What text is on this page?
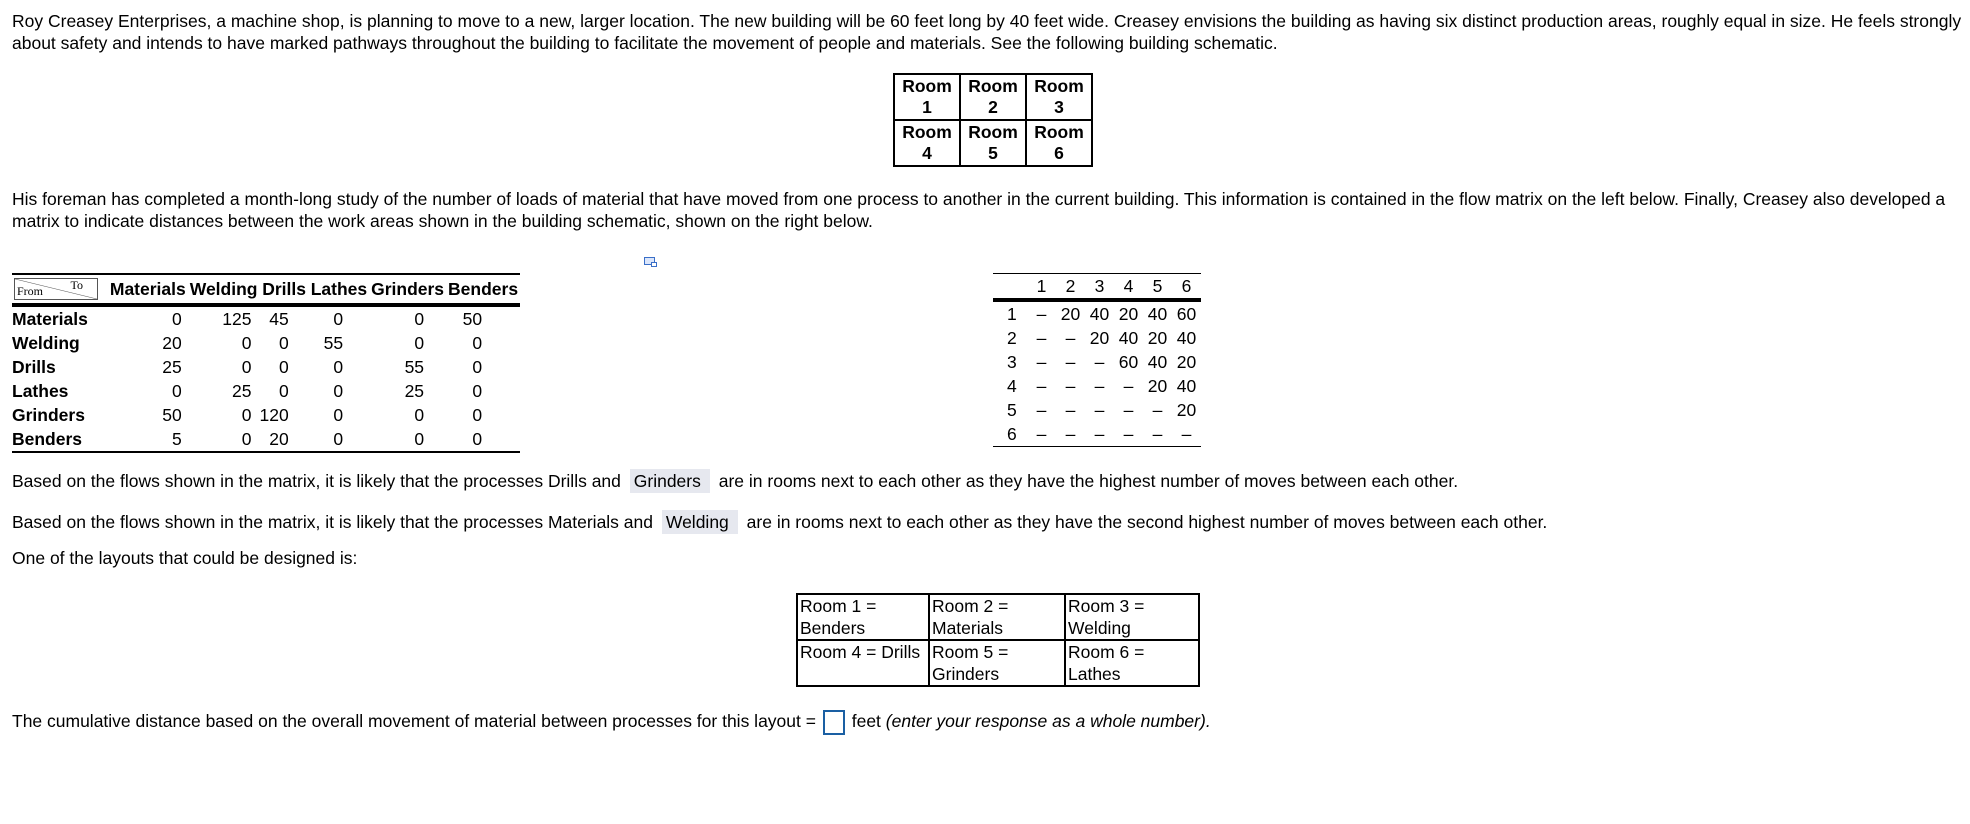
Roy Creasey Enterprises, a machine shop, is planning to move to a new, larger location. The new building will be 60 feet long by 40 feet wide. Creasey envisions the building as having six distinct production areas, roughly equal in size. He feels strongly about safety and intends to have marked pathways throughout the building to facilitate the movement of people and materials. See the following building schematic.

Room
1	Room
2	Room
3

Room
4	Room
5	Room
6

His foreman has completed a month-long study of the number of loads of material that have moved from one process to another in the current building. This information is contained in the flow matrix on the left below. Finally, Creasey also developed a matrix to indicate distances between the work areas shown in the building schematic, shown on the right below.

From To	Materials	Welding	Drills	Lathes	Grinders	Benders
Materials	0	125	45	0	0	50
Welding	20	0	0	55	0	0
Drills	25	0	0	0	55	0
Lathes	0	25	0	0	25	0
Grinders	50	0	120	0	0	0
Benders	5	0	20	0	0	0
	1	2	3	4	5	6
1	–	20	40	20	40	60
2	–	–	20	40	20	40
3	–	–	–	60	40	20
4	–	–	–	–	20	40
5	–	–	–	–	–	20
6	–	–	–	–	–	–

Based on the flows shown in the matrix, it is likely that the processes Drills and Grinders are in rooms next to each other as they have the highest number of moves between each other.

Based on the flows shown in the matrix, it is likely that the processes Materials and Welding are in rooms next to each other as they have the second highest number of moves between each other.

One of the layouts that could be designed is:

Room 1 =
Benders	Room 2 =
Materials	Room 3 =
Welding
Room 4 = Drills	Room 5 =
Grinders	Room 6 =
Lathes

The cumulative distance based on the overall movement of material between processes for this layout = feet (enter your response as a whole number).
